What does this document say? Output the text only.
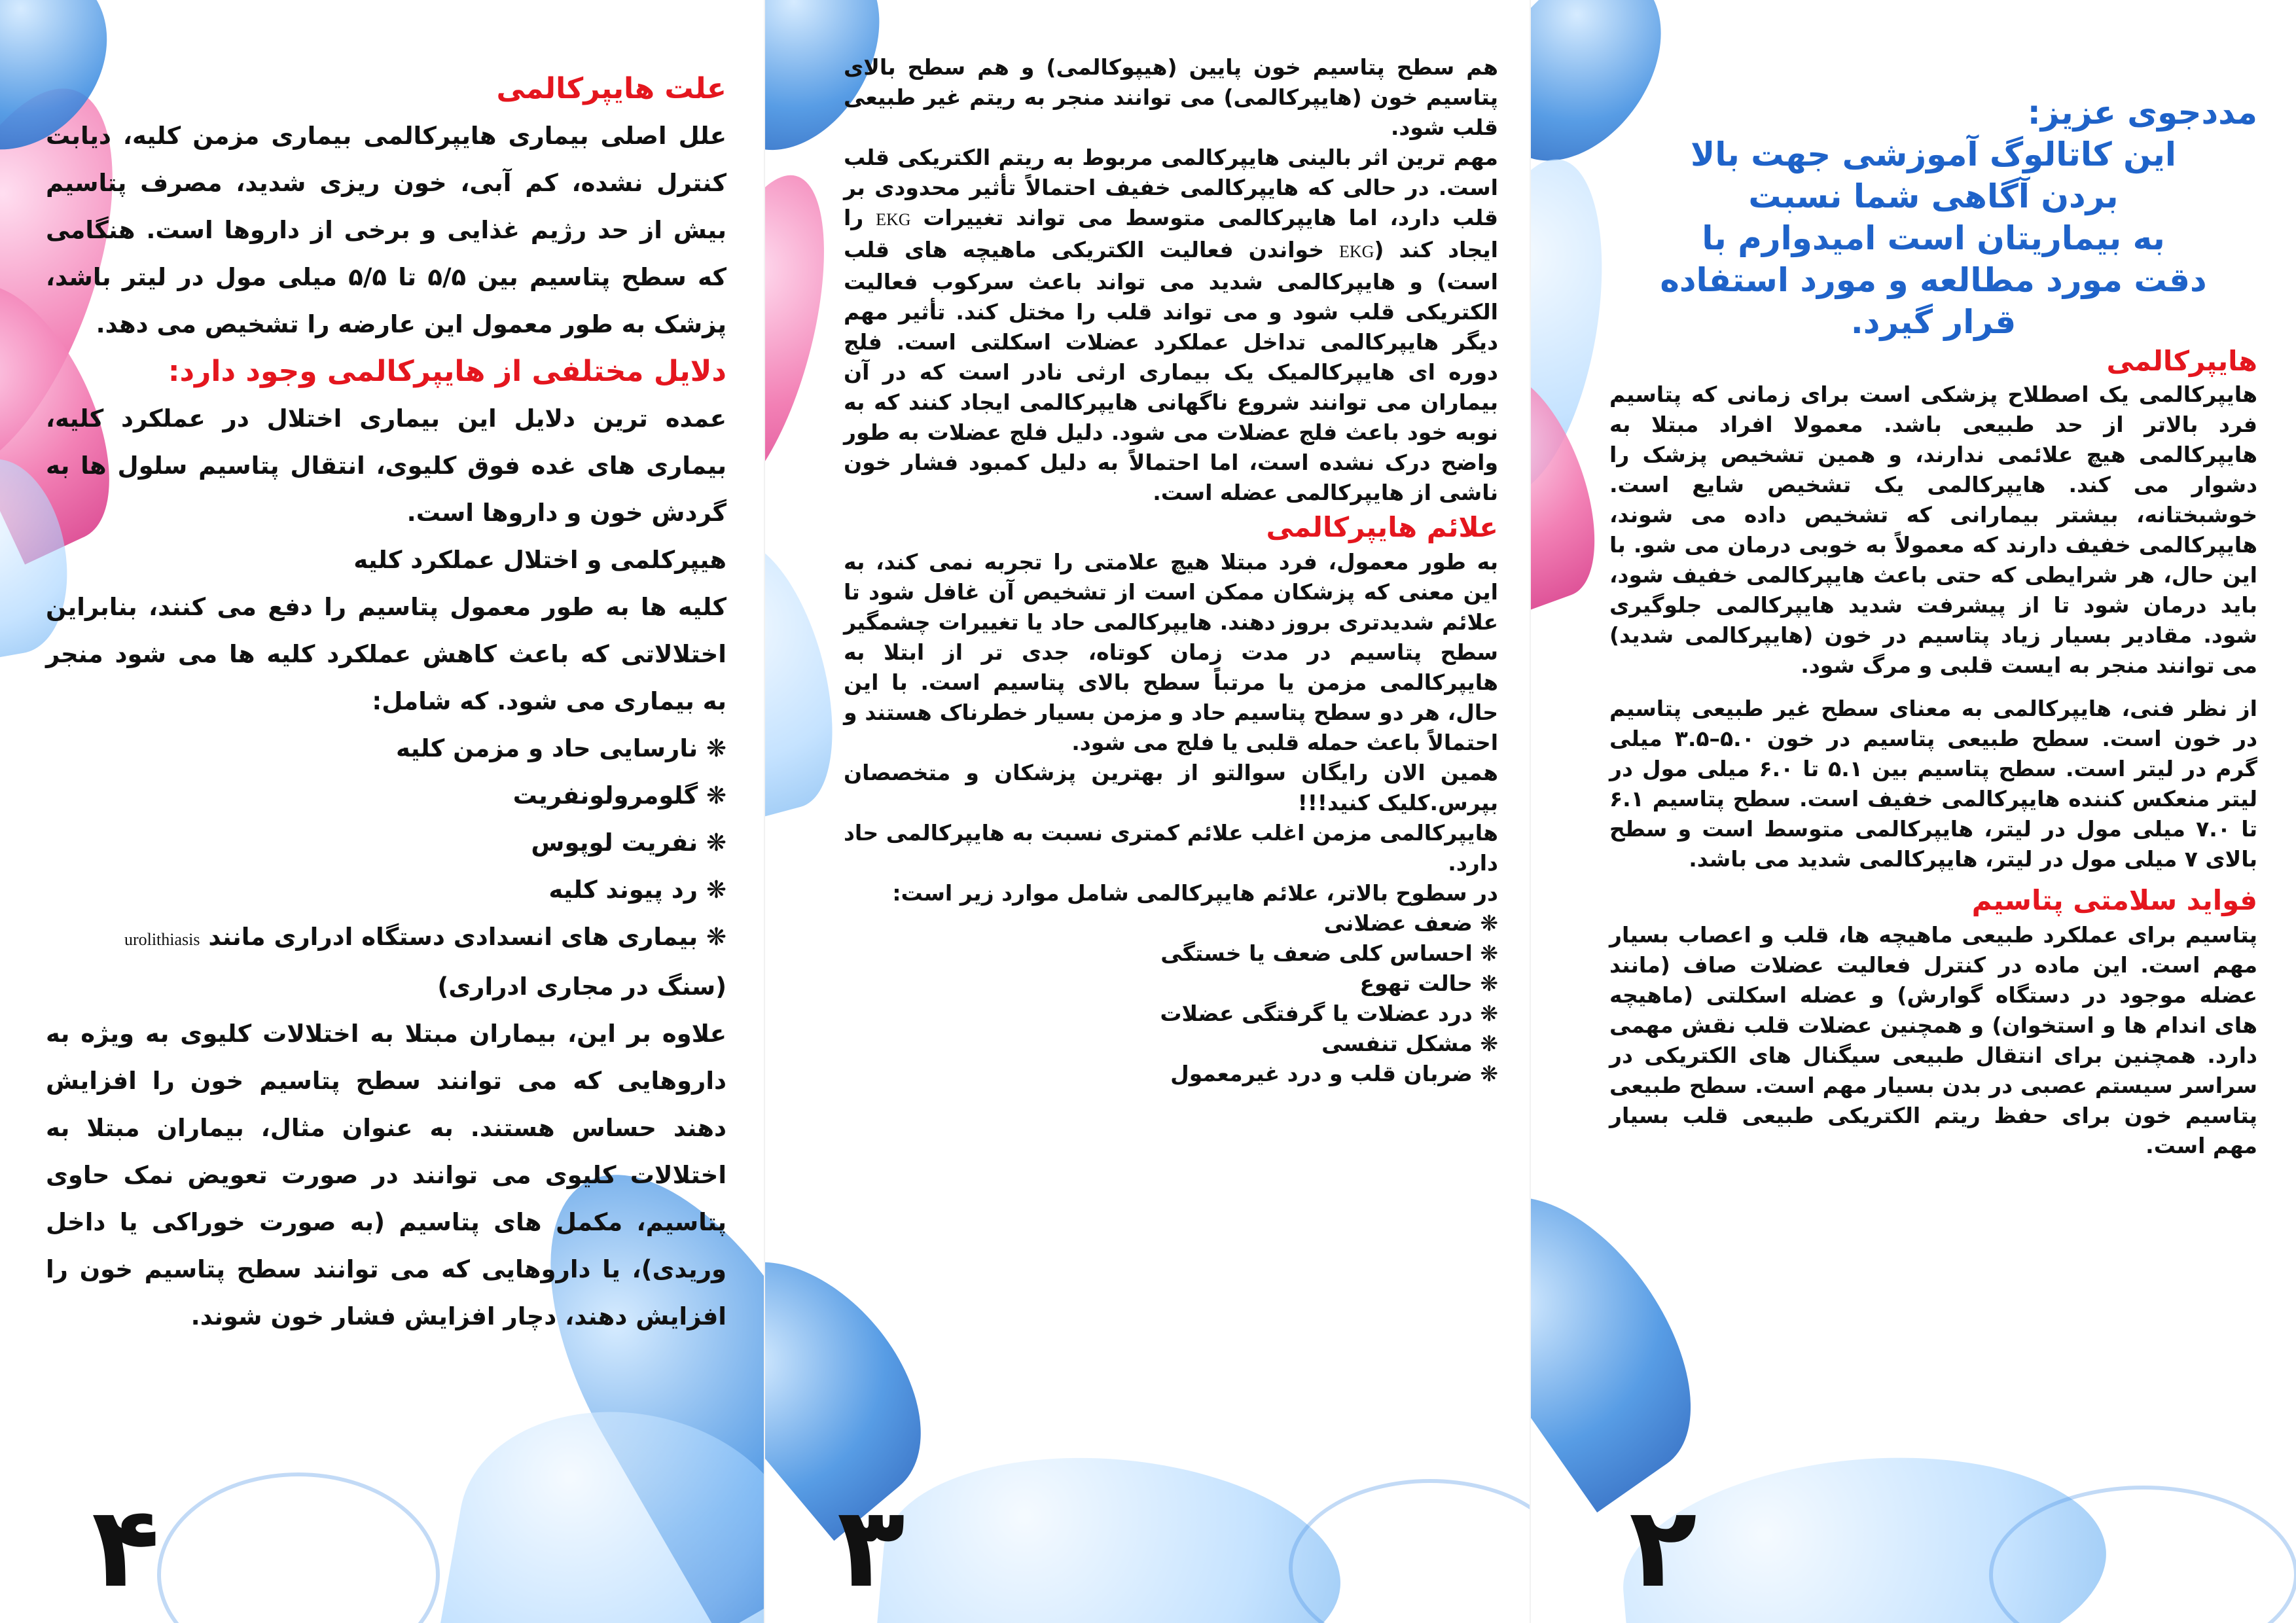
علت هایپرکالمی

علل اصلی بیماری هایپرکالمی بیماری مزمن کلیه، دیابت کنترل نشده، کم آبی، خون ریزی شدید، مصرف پتاسیم بیش از حد رژیم غذایی و برخی از داروها است. هنگامی که سطح پتاسیم بین ۵/۵ تا ۵/۵ میلی مول در لیتر باشد، پزشک به طور معمول این عارضه را تشخیص می دهد.

دلایل مختلفی از هایپرکالمی وجود دارد:

عمده ترین دلایل این بیماری اختلال در عملکرد کلیه، بیماری های غده فوق کلیوی، انتقال پتاسیم سلول ها به گردش خون و داروها است.

هیپرکلمی و اختلال عملکرد کلیه

کلیه ها به طور معمول پتاسیم را دفع می کنند، بنابراین اختلالاتی که باعث کاهش عملکرد کلیه ها می شود منجر به بیماری می شود. که شامل:

❋ نارسایی حاد و مزمن کلیه
❋ گلومرولونفریت
❋ نفریت لوپوس
❋ رد پیوند کلیه
❋ بیماری های انسدادی دستگاه ادراری مانند urolithiasis

(سنگ در مجاری ادراری)

علاوه بر این، بیماران مبتلا به اختلالات کلیوی به ویژه به داروهایی که می توانند سطح پتاسیم خون را افزایش دهند حساس هستند. به عنوان مثال، بیماران مبتلا به اختلالات کلیوی می توانند در صورت تعویض نمک حاوی پتاسیم، مکمل های پتاسیم (به صورت خوراکی یا داخل وریدی)، یا داروهایی که می توانند سطح پتاسیم خون را افزایش دهند، دچار افزایش فشار خون شوند.

۴

هم سطح پتاسیم خون پایین (هیپوکالمی) و هم سطح بالای پتاسیم خون (هایپرکالمی) می توانند منجر به ریتم غیر طبیعی قلب شود.

مهم ترین اثر بالینی هایپرکالمی مربوط به ریتم الکتریکی قلب است. در حالی که هایپرکالمی خفیف احتمالاً تأثیر محدودی بر قلب دارد، اما هایپرکالمی متوسط می تواند تغییرات EKG را ایجاد کند (EKG خواندن فعالیت الکتریکی ماهیچه های قلب است) و هایپرکالمی شدید می تواند باعث سرکوب فعالیت الکتریکی قلب شود و می تواند قلب را مختل کند. تأثیر مهم دیگر هایپرکالمی تداخل عملکرد عضلات اسکلتی است. فلج دوره ای هایپرکالمیک یک بیماری ارثی نادر است که در آن بیماران می توانند شروع ناگهانی هایپرکالمی ایجاد کنند که به نوبه خود باعث فلج عضلات می شود. دلیل فلج عضلات به طور واضح درک نشده است، اما احتمالاً به دلیل کمبود فشار خون ناشی از هایپرکالمی عضله است.

علائم هایپرکالمی

به طور معمول، فرد مبتلا هیچ علامتی را تجربه نمی کند، به این معنی که پزشکان ممکن است از تشخیص آن غافل شود تا علائم شدیدتری بروز دهند. هایپرکالمی حاد یا تغییرات چشمگیر سطح پتاسیم در مدت زمان کوتاه، جدی تر از ابتلا به هایپرکالمی مزمن یا مرتباً سطح بالای پتاسیم است. با این حال، هر دو سطح پتاسیم حاد و مزمن بسیار خطرناک هستند و احتمالاً باعث حمله قلبی یا فلج می شود.

همین الان رایگان سوالتو از بهترین پزشکان و متخصصان بپرس.کلیک کنید!!!

هایپرکالمی مزمن اغلب علائم کمتری نسبت به هایپرکالمی حاد دارد.

در سطوح بالاتر، علائم هایپرکالمی شامل موارد زیر است:

❋ ضعف عضلانی
❋ احساس کلی ضعف یا خستگی
❋ حالت تهوع
❋ درد عضلات یا گرفتگی عضلات
❋ مشکل تنفسی
❋ ضربان قلب و درد غیرمعمول
۳

مددجوی عزیز:

این کاتالوگ آموزشی جهت بالا

بردن آگاهی شما نسبت

به بیماریتان است امیدوارم با

دقت مورد مطالعه و مورد استفاده

قرار گیرد.

هایپرکالمی

هایپرکالمی یک اصطلاح پزشکی است برای زمانی که پتاسیم فرد بالاتر از حد طبیعی باشد. معمولا افراد مبتلا به هایپرکالمی هیچ علائمی ندارند، و همین تشخیص پزشک را دشوار می کند. هایپرکالمی یک تشخیص شایع است. خوشبختانه، بیشتر بیمارانی که تشخیص داده می شوند، هایپرکالمی خفیف دارند که معمولاً به خوبی درمان می شو. با این حال، هر شرایطی که حتی باعث هایپرکالمی خفیف شود، باید درمان شود تا از پیشرفت شدید هایپرکالمی جلوگیری شود. مقادیر بسیار زیاد پتاسیم در خون (هایپرکالمی شدید) می توانند منجر به ایست قلبی و مرگ شود.

از نظر فنی، هایپرکالمی به معنای سطح غیر طبیعی پتاسیم در خون است. سطح طبیعی پتاسیم در خون ۵.۰–۳.۵ میلی گرم در لیتر است. سطح پتاسیم بین ۵.۱ تا ۶.۰ میلی مول در لیتر منعکس کننده هایپرکالمی خفیف است. سطح پتاسیم ۶.۱ تا ۷.۰ میلی مول در لیتر، هایپرکالمی متوسط است و سطح بالای ۷ میلی مول در لیتر، هایپرکالمی شدید می باشد.

فواید سلامتی پتاسیم

پتاسیم برای عملکرد طبیعی ماهیچه ها، قلب و اعصاب بسیار مهم است. این ماده در کنترل فعالیت عضلات صاف (مانند عضله موجود در دستگاه گوارش) و عضله اسکلتی (ماهیچه های اندام ها و استخوان) و همچنین عضلات قلب نقش مهمی دارد. همچنین برای انتقال طبیعی سیگنال های الکتریکی در سراسر سیستم عصبی در بدن بسیار مهم است. سطح طبیعی پتاسیم خون برای حفظ ریتم الکتریکی طبیعی قلب بسیار مهم است.

۲
